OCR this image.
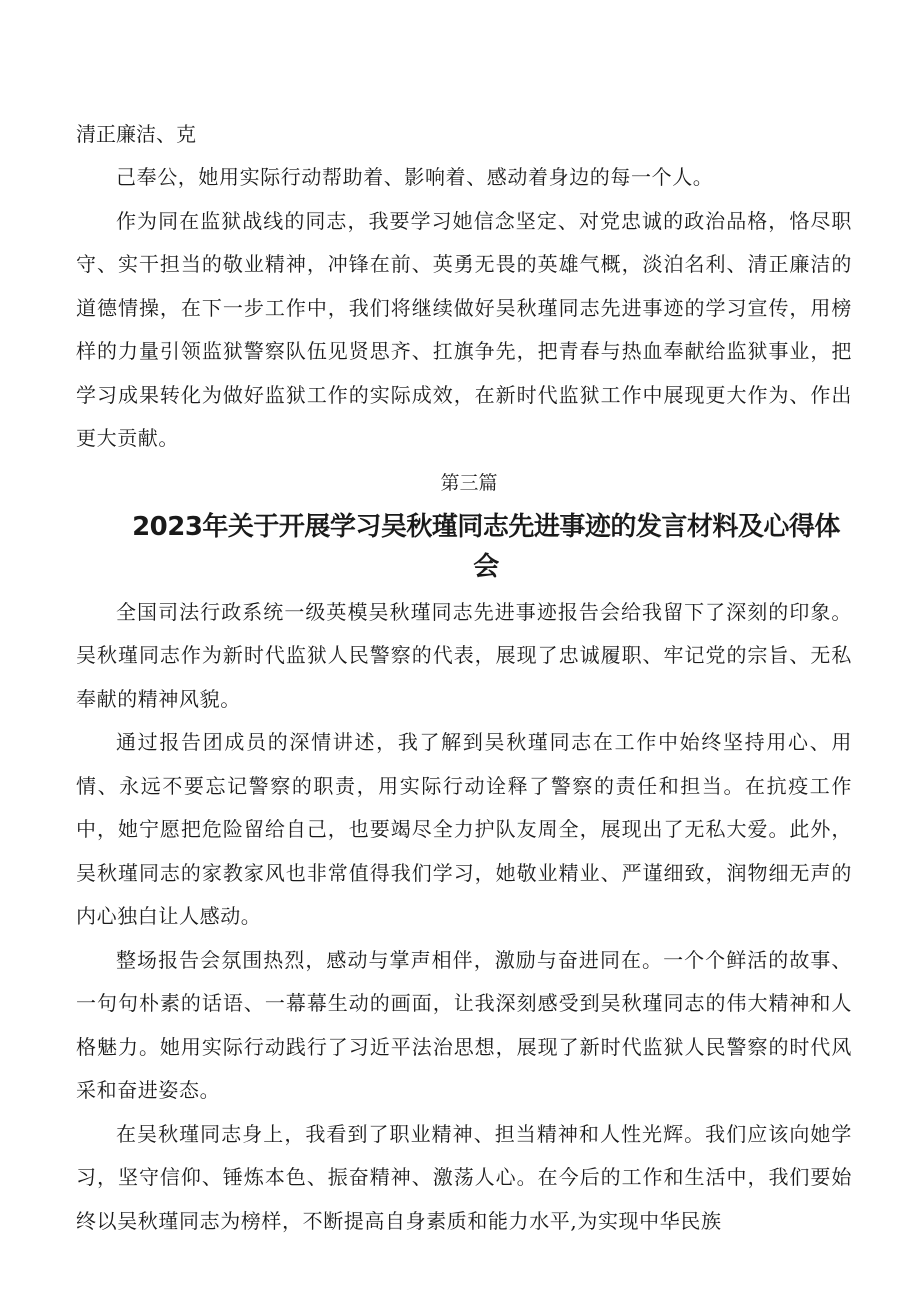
清正廉洁、克

己奉公，她用实际行动帮助着、影响着、感动着身边的每一个人。

作为同在监狱战线的同志，我要学习她信念坚定、对党忠诚的政治品格，恪尽职守、实干担当的敬业精神，冲锋在前、英勇无畏的英雄气概，淡泊名利、清正廉洁的道德情操，在下一步工作中，我们将继续做好吴秋瑾同志先进事迹的学习宣传，用榜样的力量引领监狱警察队伍见贤思齐、扛旗争先，把青春与热血奉献给监狱事业，把学习成果转化为做好监狱工作的实际成效，在新时代监狱工作中展现更大作为、作出更大贡献。

第三篇

2023年关于开展学习吴秋瑾同志先进事迹的发言材料及心得体会

全国司法行政系统一级英模吴秋瑾同志先进事迹报告会给我留下了深刻的印象。吴秋瑾同志作为新时代监狱人民警察的代表，展现了忠诚履职、牢记党的宗旨、无私奉献的精神风貌。

通过报告团成员的深情讲述，我了解到吴秋瑾同志在工作中始终坚持用心、用情、永远不要忘记警察的职责，用实际行动诠释了警察的责任和担当。在抗疫工作中，她宁愿把危险留给自己，也要竭尽全力护队友周全，展现出了无私大爱。此外，吴秋瑾同志的家教家风也非常值得我们学习，她敬业精业、严谨细致，润物细无声的内心独白让人感动。

整场报告会氛围热烈，感动与掌声相伴，激励与奋进同在。一个个鲜活的故事、一句句朴素的话语、一幕幕生动的画面，让我深刻感受到吴秋瑾同志的伟大精神和人格魅力。她用实际行动践行了习近平法治思想，展现了新时代监狱人民警察的时代风采和奋进姿态。

在吴秋瑾同志身上，我看到了职业精神、担当精神和人性光辉。我们应该向她学习，坚守信仰、锤炼本色、振奋精神、激荡人心。在今后的工作和生活中，我们要始终以吴秋瑾同志为榜样，不断提高自身素质和能力水平,为实现中华民族
